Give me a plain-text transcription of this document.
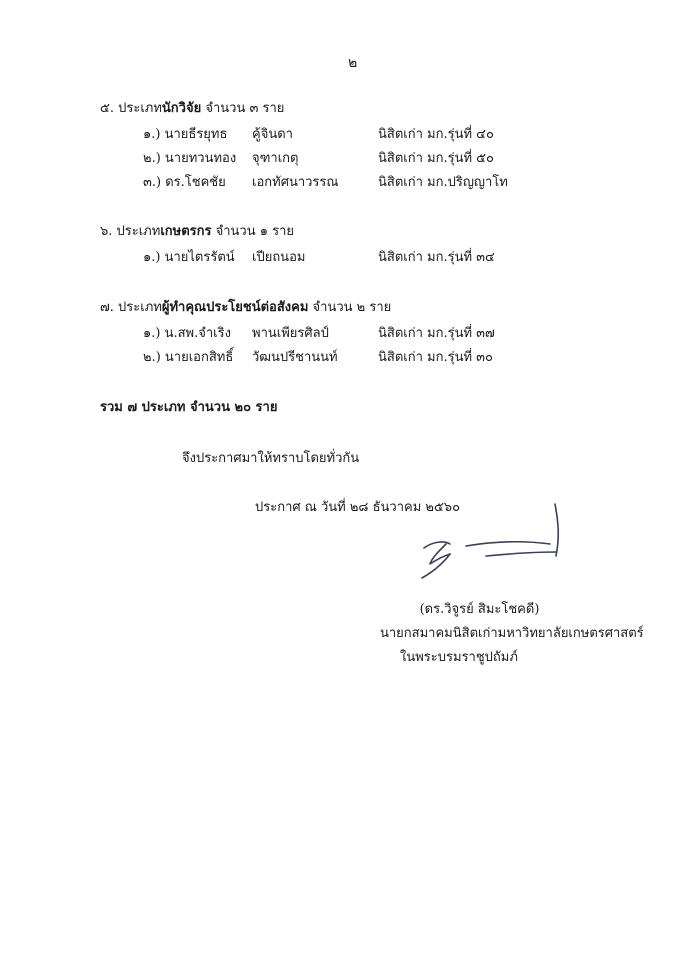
๒
๕. ประเภทนักวิจัย จำนวน ๓ ราย
๑.) นายธีรยุทธ คู้จินดา	นิสิตเก่า มก.รุ่นที่ ๔๐
๒.) นายทวนทอง จุฑาเกตุ	นิสิตเก่า มก.รุ่นที่ ๕๐
๓.) ดร.โชคชัย เอกทัศนาวรรณ	นิสิตเก่า มก.ปริญญาโท
๖. ประเภทเกษตรกร จำนวน ๑ ราย
๑.) นายไตรรัตน์ เปียถนอม	นิสิตเก่า มก.รุ่นที่ ๓๔
๗. ประเภทผู้ทำคุณประโยชน์ต่อสังคม จำนวน ๒ ราย
๑.) น.สพ.จำเริง พานเพียรศิลป์	นิสิตเก่า มก.รุ่นที่ ๓๗
๒.) นายเอกสิทธิ์ วัฒนปรีชานนท์	นิสิตเก่า มก.รุ่นที่ ๓๐
รวม ๗ ประเภท จำนวน ๒๐ ราย
จึงประกาศมาให้ทราบโดยทั่วกัน
ประกาศ ณ วันที่ ๒๘ ธันวาคม ๒๕๖๐
(ดร.วิจูรย์ สิมะโชคดี)
นายกสมาคมนิสิตเก่ามหาวิทยาลัยเกษตรศาสตร์
ในพระบรมราชูปถัมภ์
